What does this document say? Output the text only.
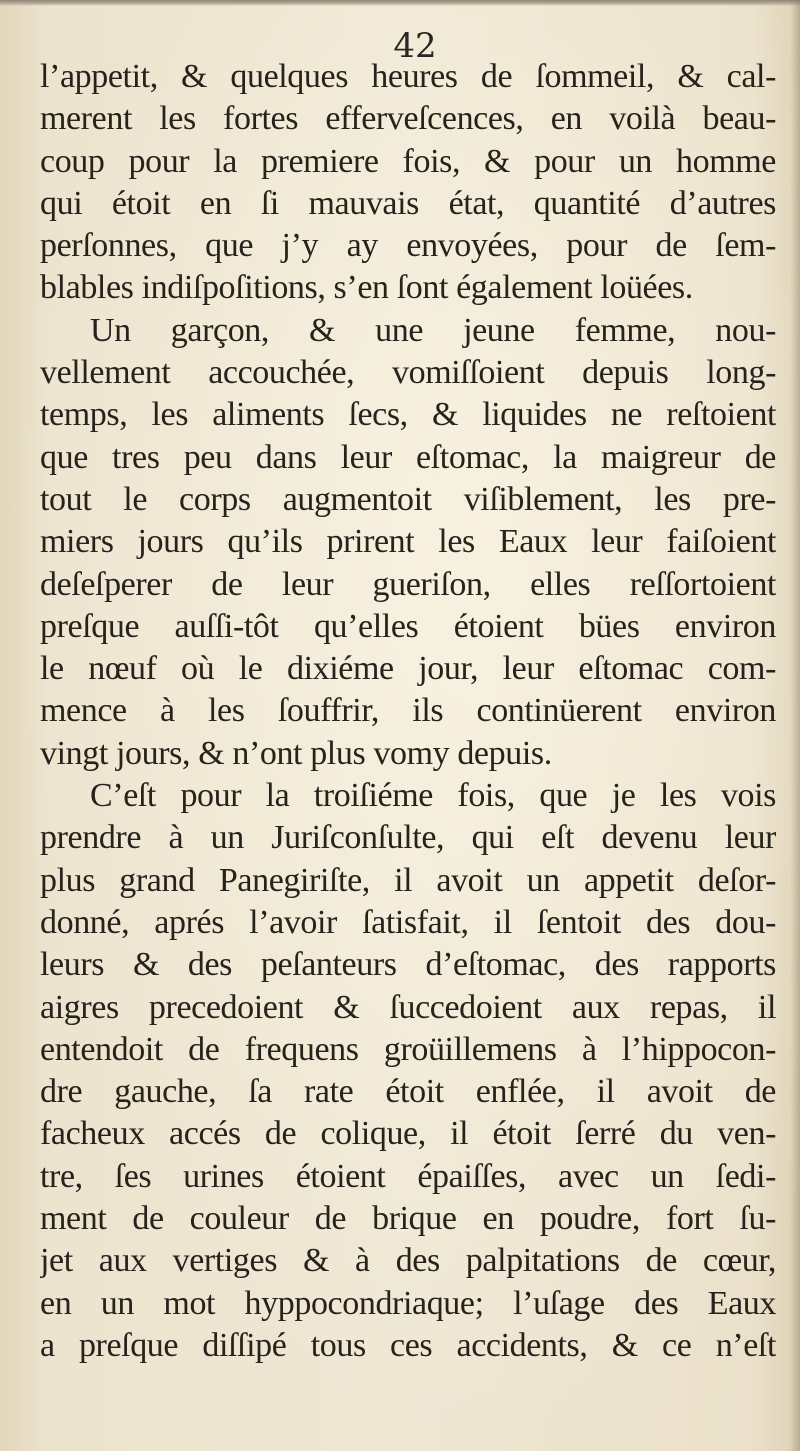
42
l’appetit, & quelques heures de ſommeil, & cal-
merent les fortes efferveſcences, en voilà beau-
coup pour la premiere fois, & pour un homme
qui étoit en ſi mauvais état, quantité d’autres
perſonnes, que j’y ay envoyées, pour de ſem-
blables indiſpoſitions, s’en ſont également loüées.
Un garçon, & une jeune femme, nou-
vellement accouchée, vomiſſoient depuis long-
temps, les aliments ſecs, & liquides ne reſtoient
que tres peu dans leur eſtomac, la maigreur de
tout le corps augmentoit viſiblement, les pre-
miers jours qu’ils prirent les Eaux leur faiſoient
deſeſperer de leur gueriſon, elles reſſortoient
preſque auſſi-tôt qu’elles étoient bües environ
le nœuf où le dixiéme jour, leur eſtomac com-
mence à les ſouffrir, ils continüerent environ
vingt jours, & n’ont plus vomy depuis.
C’eſt pour la troiſiéme fois, que je les vois
prendre à un Juriſconſulte, qui eſt devenu leur
plus grand Panegiriſte, il avoit un appetit deſor-
donné, aprés l’avoir ſatisfait, il ſentoit des dou-
leurs & des peſanteurs d’eſtomac, des rapports
aigres precedoient & ſuccedoient aux repas, il
entendoit de frequens groüillemens à l’hippocon-
dre gauche, ſa rate étoit enflée, il avoit de
facheux accés de colique, il étoit ſerré du ven-
tre, ſes urines étoient épaiſſes, avec un ſedi-
ment de couleur de brique en poudre, fort ſu-
jet aux vertiges & à des palpitations de cœur,
en un mot hyppocondriaque; l’uſage des Eaux
a preſque diſſipé tous ces accidents, & ce n’eſt
